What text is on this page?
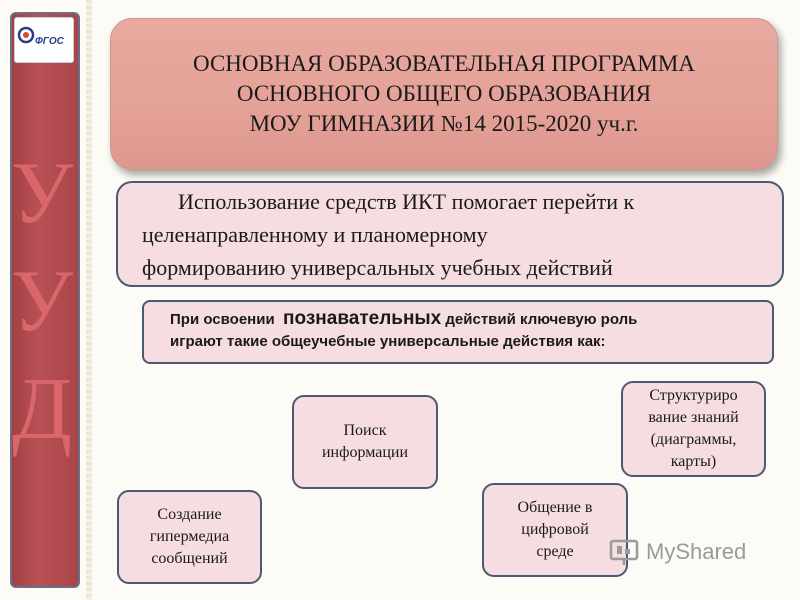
ФГОС
У
У
Д
ОСНОВНАЯ ОБРАЗОВАТЕЛЬНАЯ ПРОГРАММА
ОСНОВНОГО ОБЩЕГО ОБРАЗОВАНИЯ
МОУ ГИМНАЗИИ №14 2015-2020 уч.г.
Использование средств ИКТ помогает перейти к
целенаправленному и планомерному
формированию универсальных учебных действий
При освоении познавательных действий ключевую роль
играют такие общеучебные универсальные действия как:
Поиск
информации
Структуриро
вание знаний
(диаграммы,
карты)
Создание
гипермедиа
сообщений
Общение в
цифровой
среде	MyShared
